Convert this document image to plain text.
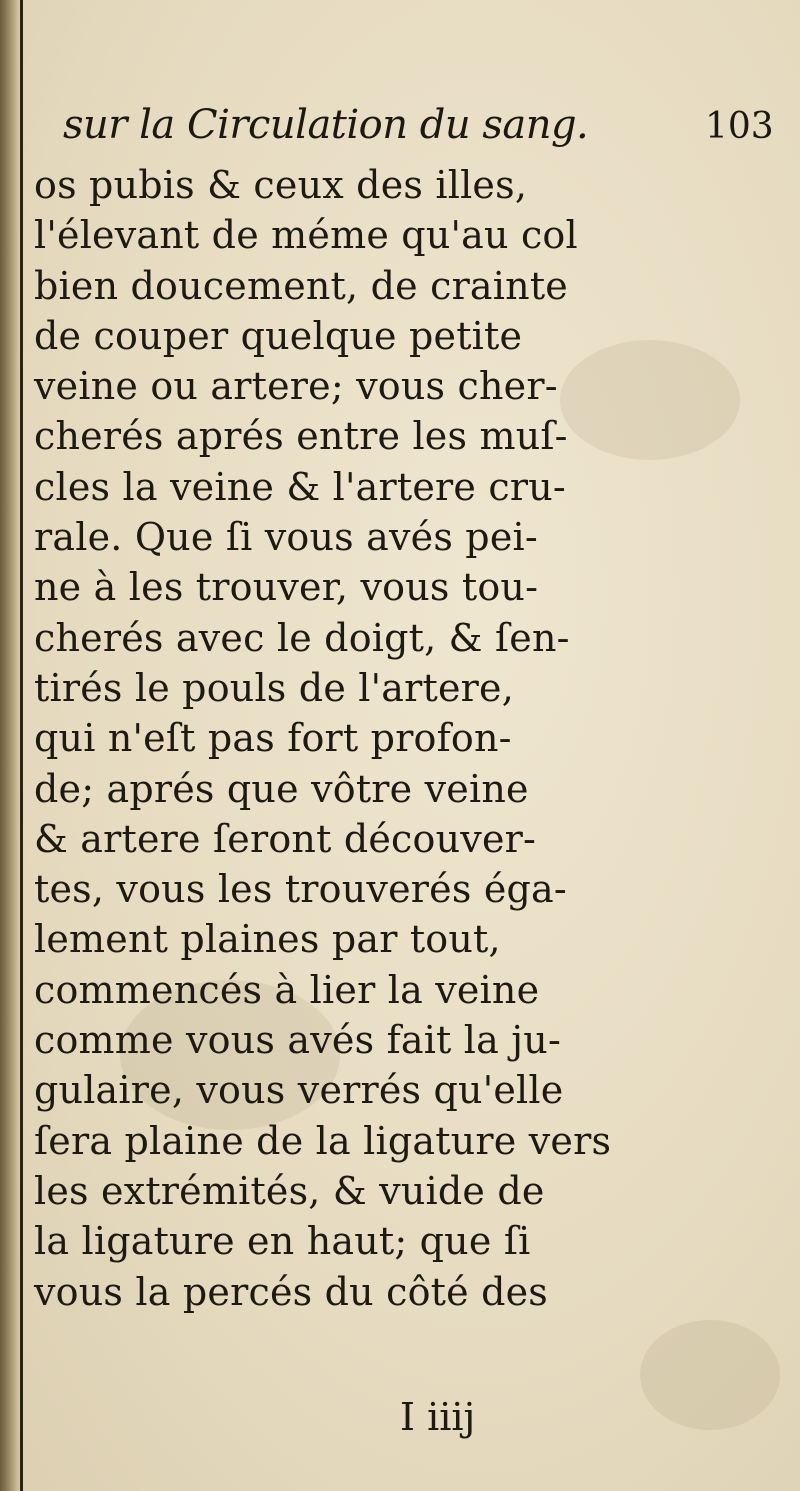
sur la Circulation du sang.	103
os pubis & ceux des illes,
l'élevant de méme qu'au col
bien doucement, de crainte
de couper quelque petite
veine ou artere; vous cher-
cherés aprés entre les muſ-
cles la veine & l'artere cru-
rale. Que ſi vous avés pei-
ne à les trouver, vous tou-
cherés avec le doigt, & ſen-
tirés le pouls de l'artere,
qui n'eſt pas fort profon-
de; aprés que vôtre veine
& artere ſeront découver-
tes, vous les trouverés éga-
lement plaines par tout,
commencés à lier la veine
comme vous avés fait la ju-
gulaire, vous verrés qu'elle
ſera plaine de la ligature vers
les extrémités, & vuide de
la ligature en haut; que ſi
vous la percés du côté des
I iiij
